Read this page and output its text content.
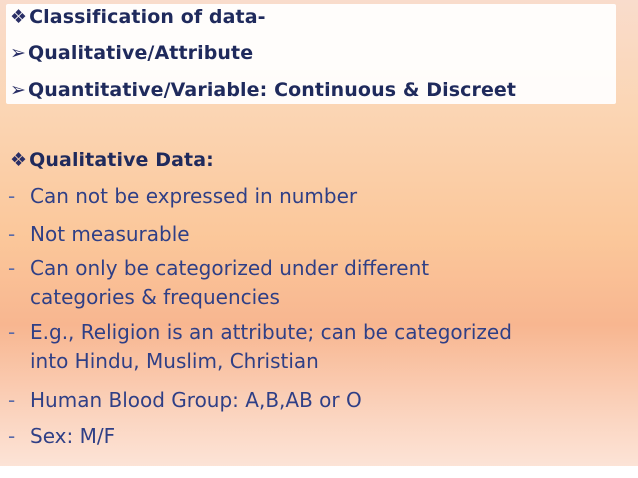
❖ Classification of data-
➢ Qualitative/Attribute
➢ Quantitative/Variable: Continuous & Discreet
❖ Qualitative Data:
- Can not be expressed in number
- Not measurable
- Can only be categorized under different
categories & frequencies
- E.g., Religion is an attribute; can be categorized
into Hindu, Muslim, Christian
- Human Blood Group: A,B,AB or O
- Sex: M/F
